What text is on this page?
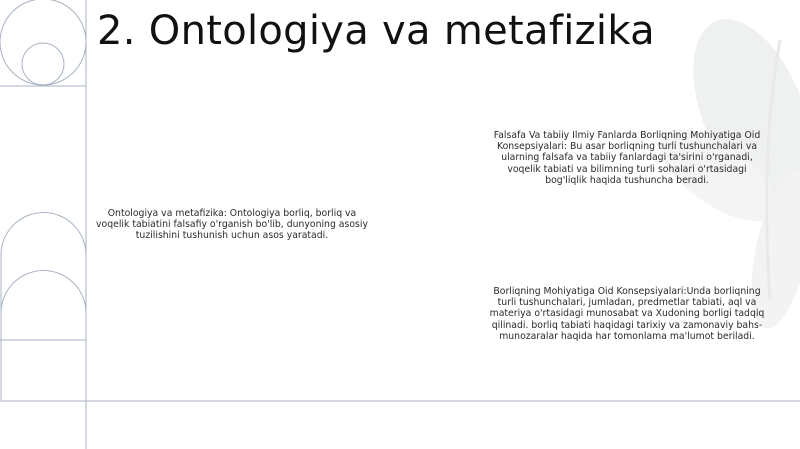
2. Ontologiya va metafizika

Ontologiya va metafizika: Ontologiya borliq, borliq va voqelik tabiatini falsafiy o'rganish bo'lib, dunyoning asosiy tuzilishini tushunish uchun asos yaratadi.

Falsafa Va tabiiy Ilmiy Fanlarda Borliqning Mohiyatiga Oid Konsepsiyalari: Bu asar borliqning turli tushunchalari va ularning falsafa va tabiiy fanlardagi ta'sirini o'rganadi, voqelik tabiati va bilimning turli sohalari o'rtasidagi bog'liqlik haqida tushuncha beradi.

Borliqning Mohiyatiga Oid Konsepsiyalari:Unda borliqning turli tushunchalari, jumladan, predmetlar tabiati, aql va materiya o'rtasidagi munosabat va Xudoning borligi tadqiq qilinadi. borliq tabiati haqidagi tarixiy va zamonaviy bahs-munozaralar haqida har tomonlama ma'lumot beriladi.
